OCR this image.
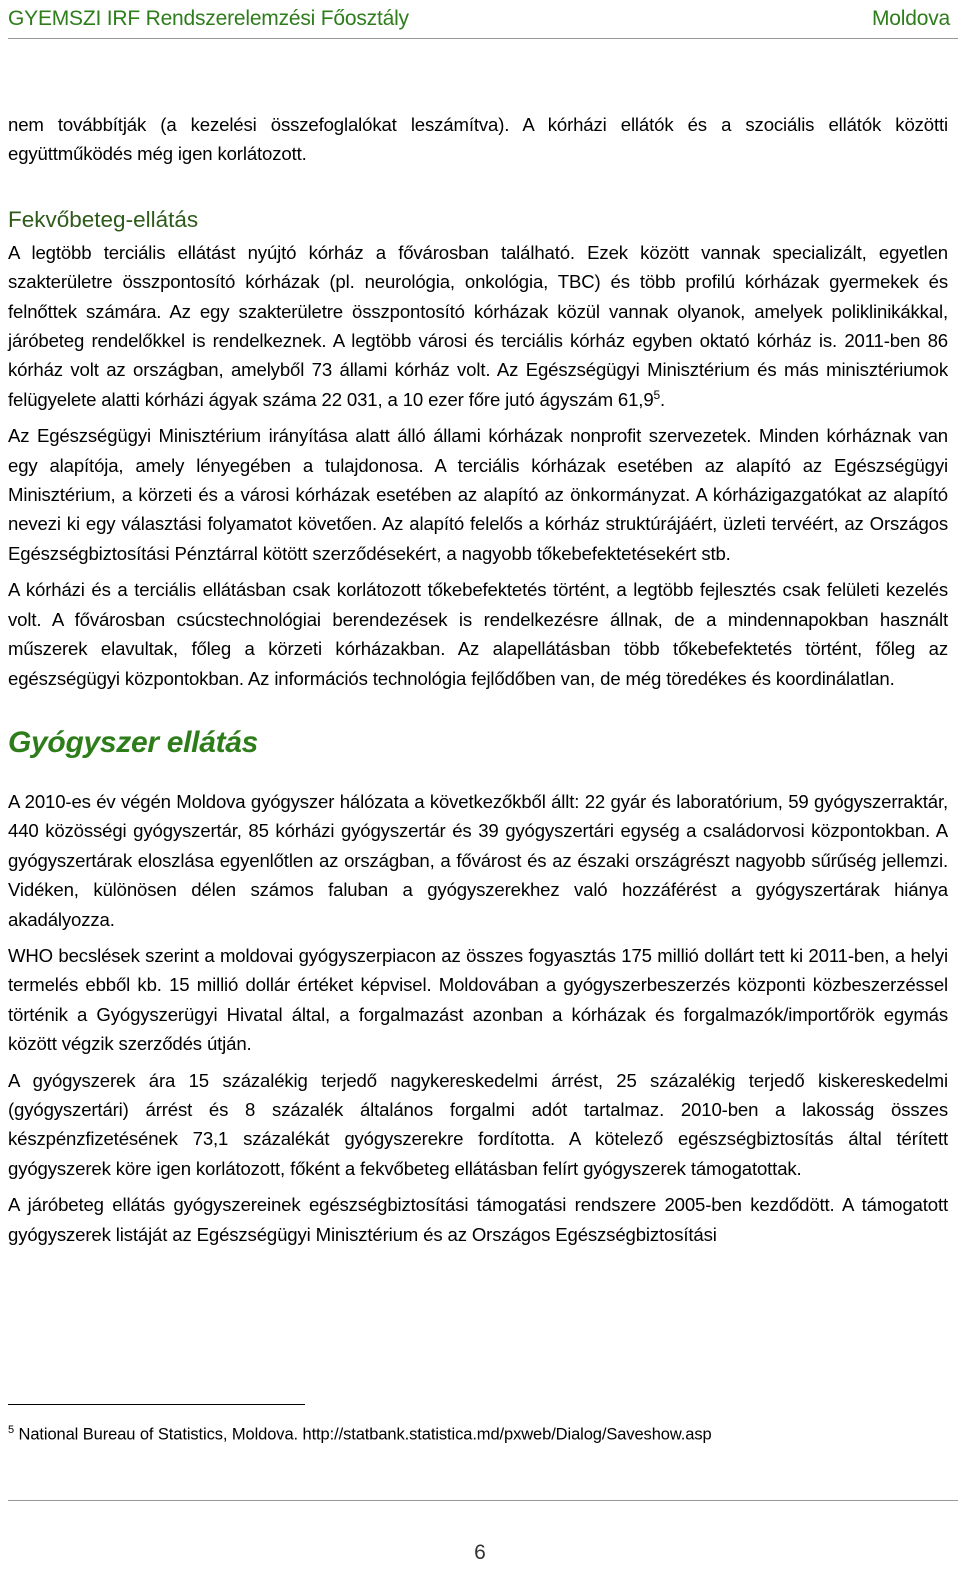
GYEMSZI IRF Rendszerelemzési Főosztály	Moldova

nem továbbítják (a kezelési összefoglalókat leszámítva). A kórházi ellátók és a szociális ellátók közötti együttműködés még igen korlátozott.

Fekvőbeteg-ellátás

A legtöbb terciális ellátást nyújtó kórház a fővárosban található. Ezek között vannak specializált, egyetlen szakterületre összpontosító kórházak (pl. neurológia, onkológia, TBC) és több profilú kórházak gyermekek és felnőttek számára. Az egy szakterületre összpontosító kórházak közül vannak olyanok, amelyek poliklinikákkal, járóbeteg rendelőkkel is rendelkeznek. A legtöbb városi és terciális kórház egyben oktató kórház is. 2011-ben 86 kórház volt az országban, amelyből 73 állami kórház volt. Az Egészségügyi Minisztérium és más minisztériumok felügyelete alatti kórházi ágyak száma 22 031, a 10 ezer főre jutó ágyszám 61,9$^5$.

Az Egészségügyi Minisztérium irányítása alatt álló állami kórházak nonprofit szervezetek. Minden kórháznak van egy alapítója, amely lényegében a tulajdonosa. A terciális kórházak esetében az alapító az Egészségügyi Minisztérium, a körzeti és a városi kórházak esetében az alapító az önkormányzat. A kórházigazgatókat az alapító nevezi ki egy választási folyamatot követően. Az alapító felelős a kórház struktúrájáért, üzleti tervéért, az Országos Egészségbiztosítási Pénztárral kötött szerződésekért, a nagyobb tőkebefektetésekért stb.

A kórházi és a terciális ellátásban csak korlátozott tőkebefektetés történt, a legtöbb fejlesztés csak felületi kezelés volt. A fővárosban csúcstechnológiai berendezések is rendelkezésre állnak, de a mindennapokban használt műszerek elavultak, főleg a körzeti kórházakban. Az alapellátásban több tőkebefektetés történt, főleg az egészségügyi központokban. Az információs technológia fejlődőben van, de még töredékes és koordinálatlan.

Gyógyszer ellátás

A 2010-es év végén Moldova gyógyszer hálózata a következőkből állt: 22 gyár és laboratórium, 59 gyógyszerraktár, 440 közösségi gyógyszertár, 85 kórházi gyógyszertár és 39 gyógyszertári egység a családorvosi központokban. A gyógyszertárak eloszlása egyenlőtlen az országban, a fővárost és az északi országrészt nagyobb sűrűség jellemzi. Vidéken, különösen délen számos faluban a gyógyszerekhez való hozzáférést a gyógyszertárak hiánya akadályozza.

WHO becslések szerint a moldovai gyógyszerpiacon az összes fogyasztás 175 millió dollárt tett ki 2011-ben, a helyi termelés ebből kb. 15 millió dollár értéket képvisel. Moldovában a gyógyszerbeszerzés központi közbeszerzéssel történik a Gyógyszerügyi Hivatal által, a forgalmazást azonban a kórházak és forgalmazók/importőrök egymás között végzik szerződés útján.

A gyógyszerek ára 15 százalékig terjedő nagykereskedelmi árrést, 25 százalékig terjedő kiskereskedelmi (gyógyszertári) árrést és 8 százalék általános forgalmi adót tartalmaz. 2010-ben a lakosság összes készpénzfizetésének 73,1 százalékát gyógyszerekre fordította. A kötelező egészségbiztosítás által térített gyógyszerek köre igen korlátozott, főként a fekvőbeteg ellátásban felírt gyógyszerek támogatottak.

A járóbeteg ellátás gyógyszereinek egészségbiztosítási támogatási rendszere 2005-ben kezdődött. A támogatott gyógyszerek listáját az Egészségügyi Minisztérium és az Országos Egészségbiztosítási

$^5$ National Bureau of Statistics, Moldova. http://statbank.statistica.md/pxweb/Dialog/Saveshow.asp
6
